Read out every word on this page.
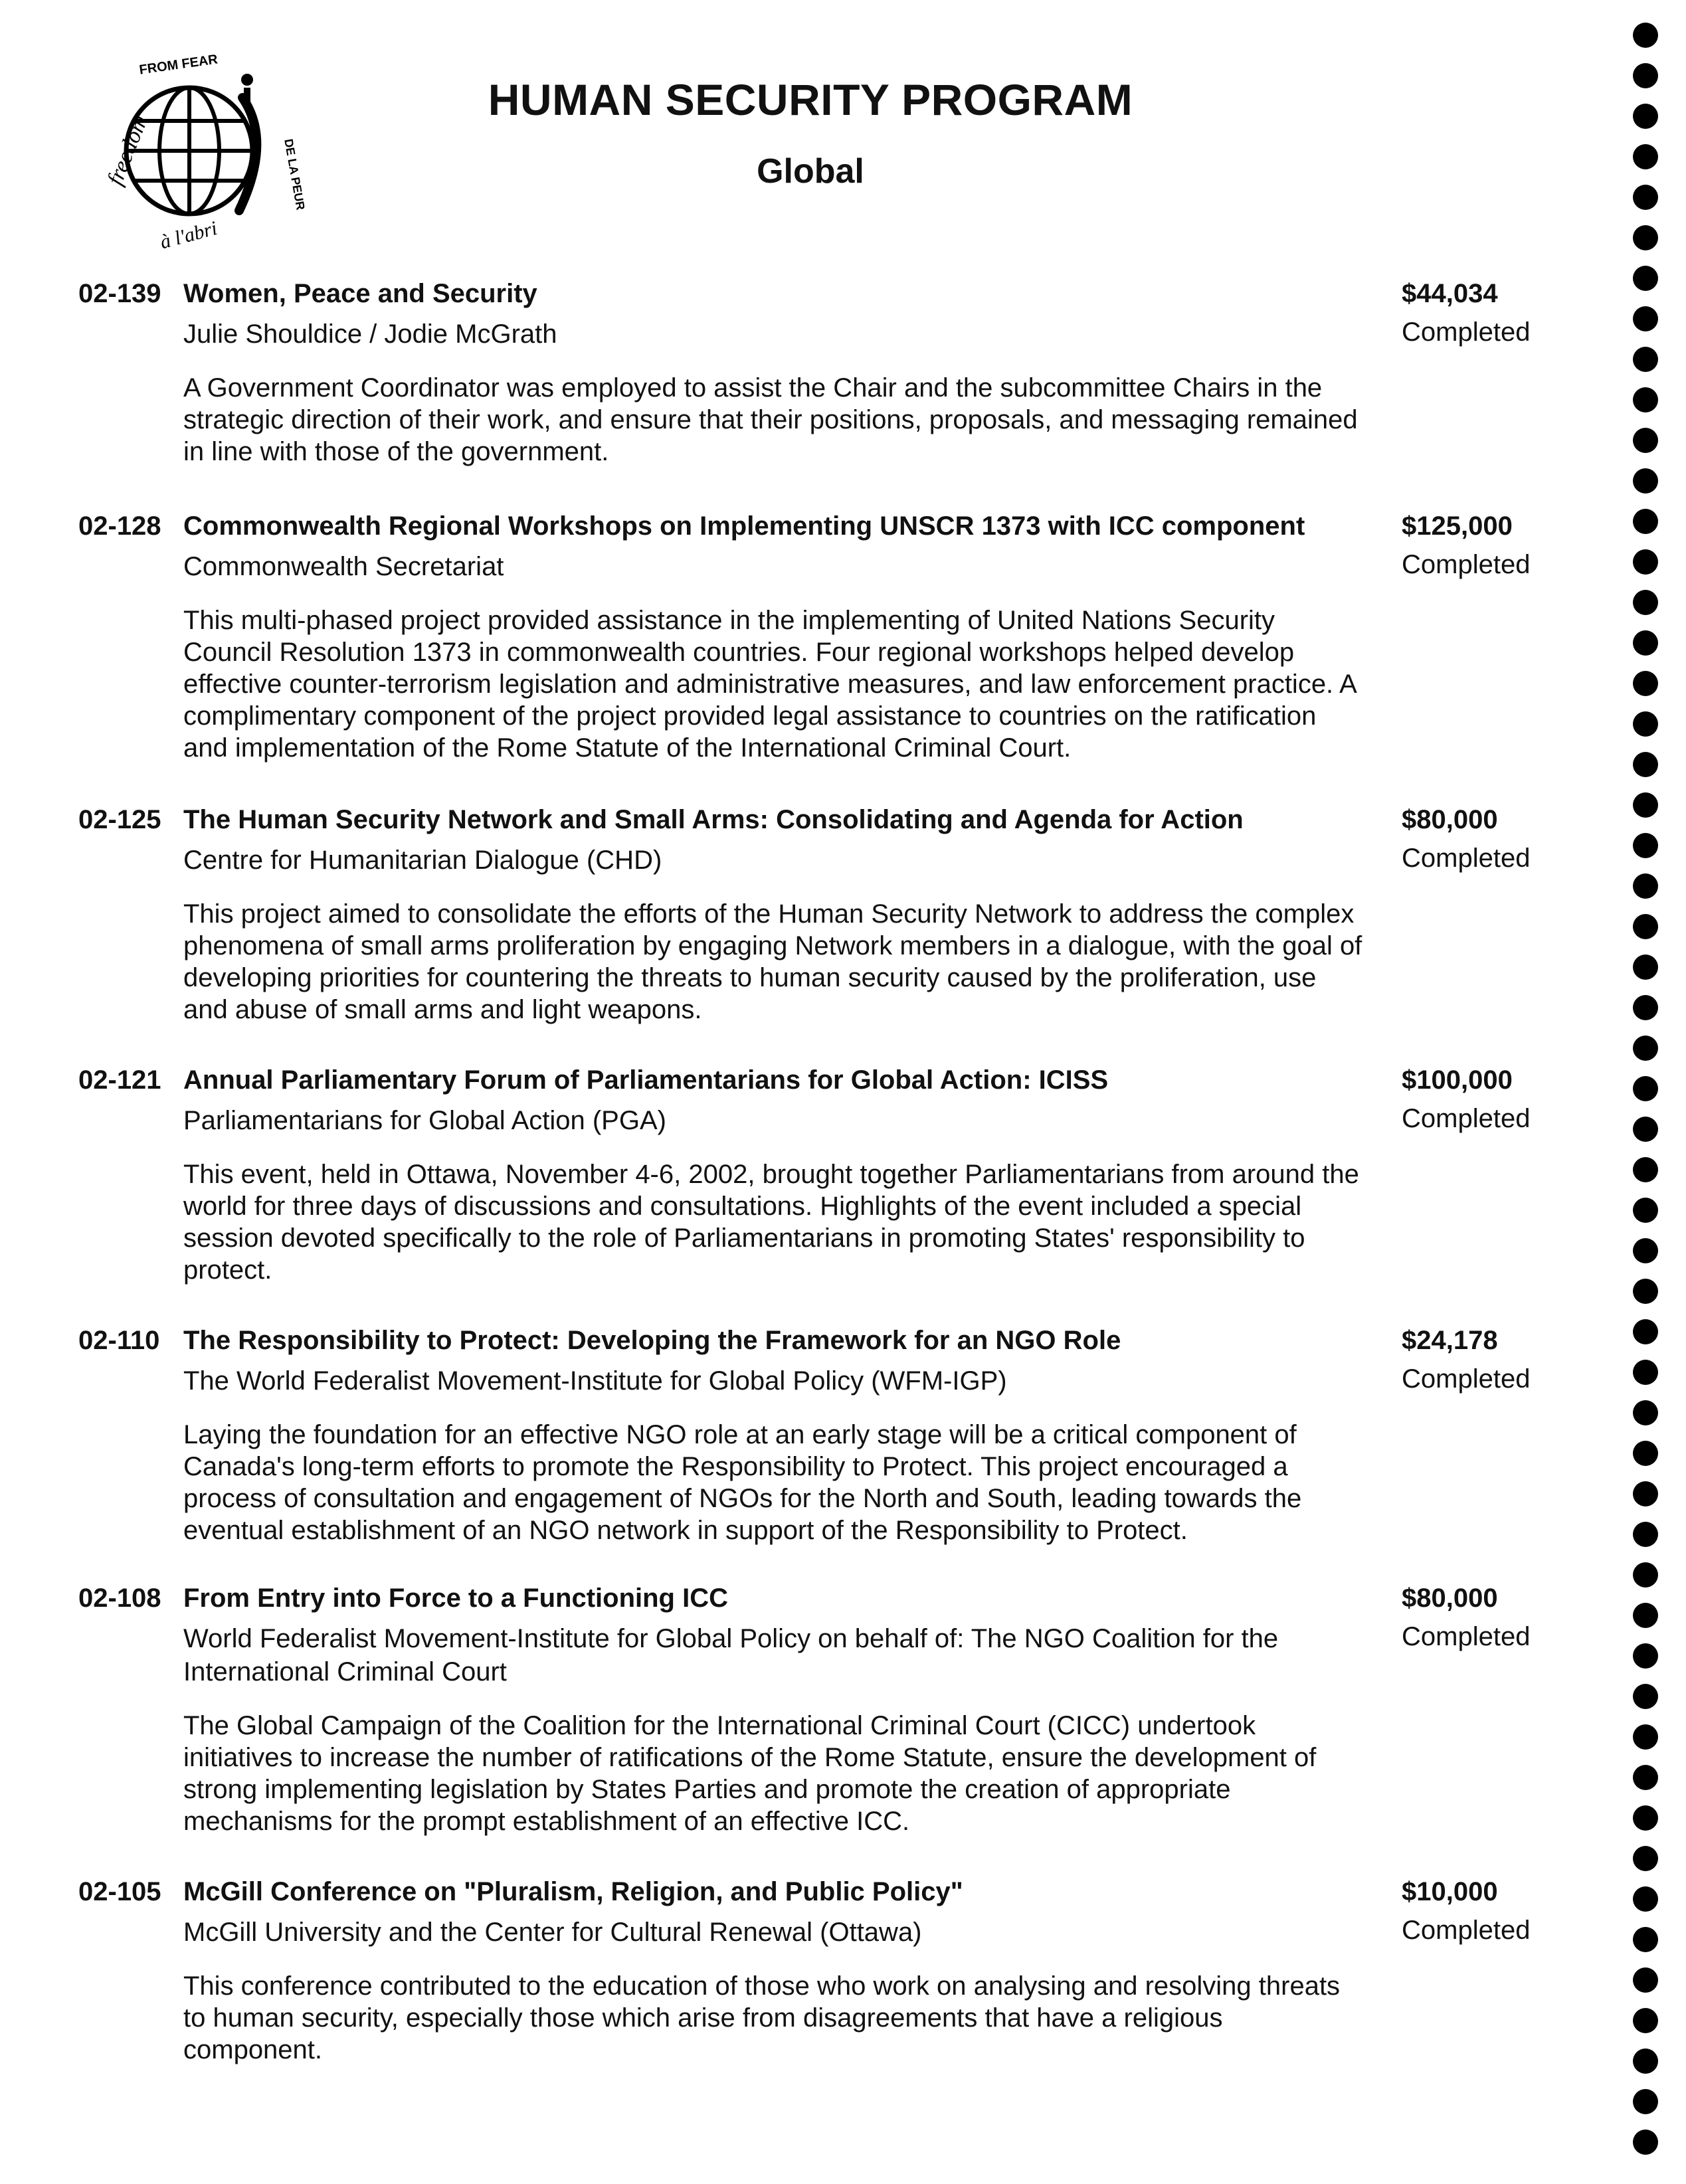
FROM FEAR
freedom	DE LA PEUR
à l'abri
HUMAN SECURITY PROGRAM
Global
02-139 Women, Peace and Security
Julie Shouldice / Jodie McGrath
$44,034
Completed

A Government Coordinator was employed to assist the Chair and the subcommittee Chairs in the strategic direction of their work, and ensure that their positions, proposals, and messaging remained in line with those of the government.

02-128 Commonwealth Regional Workshops on Implementing UNSCR 1373 with ICC component
Commonwealth Secretariat
$125,000
Completed

This multi-phased project provided assistance in the implementing of United Nations Security Council Resolution 1373 in commonwealth countries. Four regional workshops helped develop effective counter-terrorism legislation and administrative measures, and law enforcement practice. A complimentary component of the project provided legal assistance to countries on the ratification and implementation of the Rome Statute of the International Criminal Court.

02-125 The Human Security Network and Small Arms: Consolidating and Agenda for Action
Centre for Humanitarian Dialogue (CHD)
$80,000
Completed

This project aimed to consolidate the efforts of the Human Security Network to address the complex phenomena of small arms proliferation by engaging Network members in a dialogue, with the goal of developing priorities for countering the threats to human security caused by the proliferation, use and abuse of small arms and light weapons.

02-121 Annual Parliamentary Forum of Parliamentarians for Global Action: ICISS
Parliamentarians for Global Action (PGA)
$100,000
Completed

This event, held in Ottawa, November 4-6, 2002, brought together Parliamentarians from around the world for three days of discussions and consultations. Highlights of the event included a special session devoted specifically to the role of Parliamentarians in promoting States' responsibility to protect.

02-110 The Responsibility to Protect: Developing the Framework for an NGO Role
The World Federalist Movement-Institute for Global Policy (WFM-IGP)
$24,178
Completed

Laying the foundation for an effective NGO role at an early stage will be a critical component of Canada's long-term efforts to promote the Responsibility to Protect. This project encouraged a process of consultation and engagement of NGOs for the North and South, leading towards the eventual establishment of an NGO network in support of the Responsibility to Protect.

02-108 From Entry into Force to a Functioning ICC
World Federalist Movement-Institute for Global Policy on behalf of: The NGO Coalition for the International Criminal Court
$80,000
Completed

The Global Campaign of the Coalition for the International Criminal Court (CICC) undertook initiatives to increase the number of ratifications of the Rome Statute, ensure the development of strong implementing legislation by States Parties and promote the creation of appropriate mechanisms for the prompt establishment of an effective ICC.

02-105 McGill Conference on "Pluralism, Religion, and Public Policy"
McGill University and the Center for Cultural Renewal (Ottawa)
$10,000
Completed

This conference contributed to the education of those who work on analysing and resolving threats to human security, especially those which arise from disagreements that have a religious component.
